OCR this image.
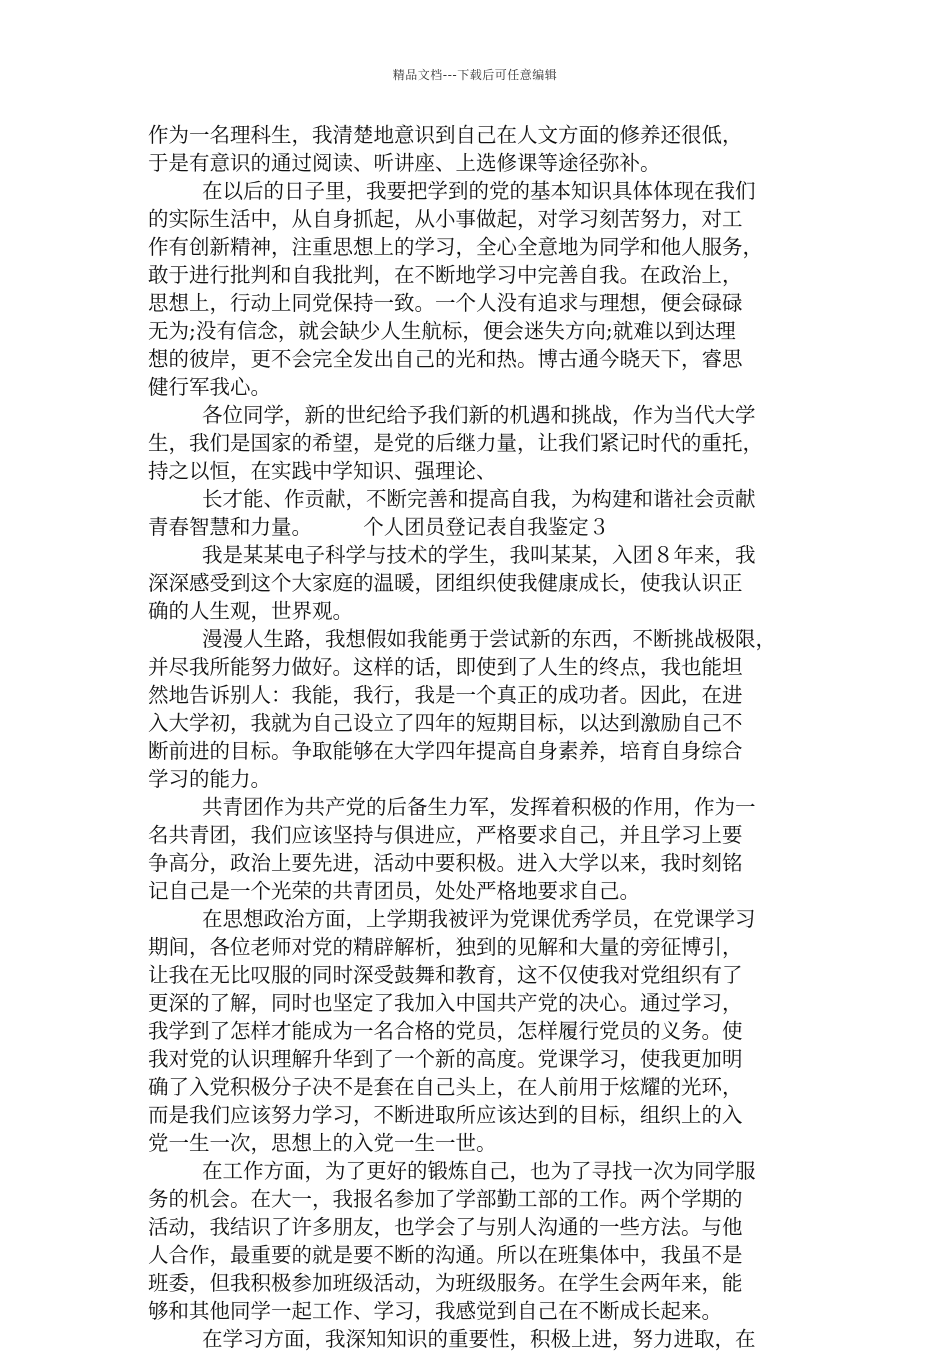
精品文档---下载后可任意编辑
作为一名理科生，我清楚地意识到自己在人文方面的修养还很低，
于是有意识的通过阅读、听讲座、上选修课等途径弥补。
在以后的日子里，我要把学到的党的基本知识具体体现在我们
的实际生活中，从自身抓起，从小事做起，对学习刻苦努力，对工
作有创新精神，注重思想上的学习，全心全意地为同学和他人服务，
敢于进行批判和自我批判，在不断地学习中完善自我。在政治上，
思想上，行动上同党保持一致。一个人没有追求与理想，便会碌碌
无为;没有信念，就会缺少人生航标，便会迷失方向;就难以到达理
想的彼岸，更不会完全发出自己的光和热。博古通今晓天下，睿思
健行军我心。
各位同学，新的世纪给予我们新的机遇和挑战，作为当代大学
生，我们是国家的希望，是党的后继力量，让我们紧记时代的重托，
持之以恒，在实践中学知识、强理论、
长才能、作贡献，不断完善和提高自我，为构建和谐社会贡献
青春智慧和力量。　　　个人团员登记表自我鉴定３
我是某某电子科学与技术的学生，我叫某某，入团８年来，我
深深感受到这个大家庭的温暖，团组织使我健康成长，使我认识正
确的人生观，世界观。
漫漫人生路，我想假如我能勇于尝试新的东西，不断挑战极限，
并尽我所能努力做好。这样的话，即使到了人生的终点，我也能坦
然地告诉别人：我能，我行，我是一个真正的成功者。因此，在进
入大学初，我就为自己设立了四年的短期目标，以达到激励自己不
断前进的目标。争取能够在大学四年提高自身素养，培育自身综合
学习的能力。
共青团作为共产党的后备生力军，发挥着积极的作用，作为一
名共青团，我们应该坚持与俱进应，严格要求自己，并且学习上要
争高分，政治上要先进，活动中要积极。进入大学以来，我时刻铭
记自己是一个光荣的共青团员，处处严格地要求自己。
在思想政治方面，上学期我被评为党课优秀学员，在党课学习
期间，各位老师对党的精辟解析，独到的见解和大量的旁征博引，
让我在无比叹服的同时深受鼓舞和教育，这不仅使我对党组织有了
更深的了解，同时也坚定了我加入中国共产党的决心。通过学习，
我学到了怎样才能成为一名合格的党员，怎样履行党员的义务。使
我对党的认识理解升华到了一个新的高度。党课学习，使我更加明
确了入党积极分子决不是套在自己头上，在人前用于炫耀的光环，
而是我们应该努力学习，不断进取所应该达到的目标，组织上的入
党一生一次，思想上的入党一生一世。
在工作方面，为了更好的锻炼自己，也为了寻找一次为同学服
务的机会。在大一，我报名参加了学部勤工部的工作。两个学期的
活动，我结识了许多朋友，也学会了与别人沟通的一些方法。与他
人合作，最重要的就是要不断的沟通。所以在班集体中，我虽不是
班委，但我积极参加班级活动，为班级服务。在学生会两年来，能
够和其他同学一起工作、学习，我感觉到自己在不断成长起来。
在学习方面，我深知知识的重要性，积极上进，努力进取，在
